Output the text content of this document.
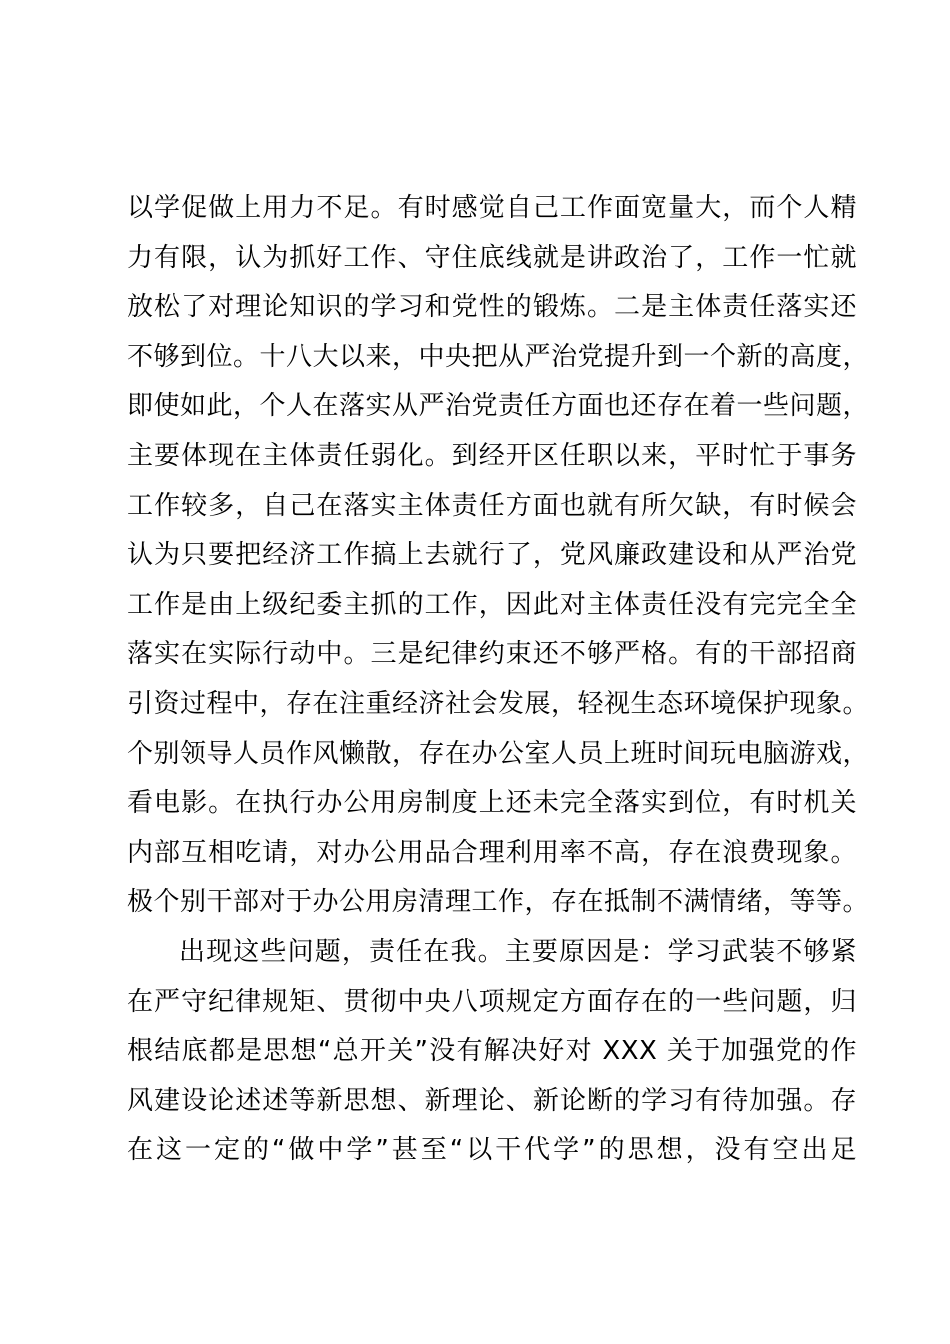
以学促做上用力不足。有时感觉自己工作面宽量大，而个人精
力有限，认为抓好工作、守住底线就是讲政治了，工作一忙就
放松了对理论知识的学习和党性的锻炼。二是主体责任落实还
不够到位。十八大以来，中央把从严治党提升到一个新的高度，
即使如此，个人在落实从严治党责任方面也还存在着一些问题，
主要体现在主体责任弱化。到经开区任职以来，平时忙于事务
工作较多，自己在落实主体责任方面也就有所欠缺，有时候会
认为只要把经济工作搞上去就行了，党风廉政建设和从严治党
工作是由上级纪委主抓的工作，因此对主体责任没有完完全全
落实在实际行动中。三是纪律约束还不够严格。有的干部招商
引资过程中，存在注重经济社会发展，轻视生态环境保护现象。
个别领导人员作风懒散，存在办公室人员上班时间玩电脑游戏，
看电影。在执行办公用房制度上还未完全落实到位，有时机关
内部互相吃请，对办公用品合理利用率不高，存在浪费现象。
极个别干部对于办公用房清理工作，存在抵制不满情绪，等等。
出现这些问题，责任在我。主要原因是：学习武装不够紧
在严守纪律规矩、贯彻中央八项规定方面存在的一些问题，归
根结底都是思想“总开关”没有解决好对 XXX 关于加强党的作
风建设论述述等新思想、新理论、新论断的学习有待加强。存
在这一定的“做中学”甚至“以干代学”的思想，没有空出足
